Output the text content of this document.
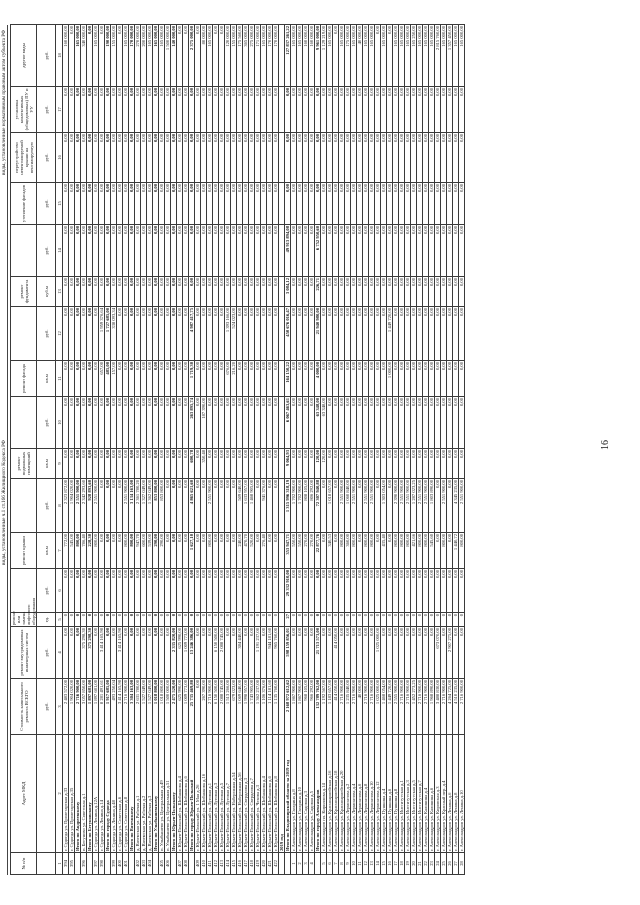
виды, установленные ч.1 ст.166 Жилищного Кодекса РФ
виды, установленные нормативным правовым актом субъекта РФ
№ п/п	Адрес МКД	Стоимость капитального ремонта ВСЕГО	ремонт внутридомовых инженерных систем	ремонт или замена лифтового оборудования		ремонт крыши		ремонт подвальных помещений		ремонт фасада		ремонт фундамента		утепление фасадов	переустройство невентилируемой крыши на вентилируемую	установка коллективных (общедомовых) ПУ и УУ	другие виды
		руб.	руб.	ед.	руб.	кв.м	руб.	кв.м	руб.	кв.м	руб.	куб.м	руб.	руб.	руб.	руб.	руб.
1	2	3	4	5	6	7	8	9	10	11	12	13	14	15	16	17	18
394	г. Судогда ул. Пролетарская д.33	2 483 572,00	0,00	0	0,00	772,00	2 323 872,00	0,00	0,00	0,00	0,00	0,00	0,00	0,00	0,00	0,00	160 000,00
395	г. Судогда ул. Пролетарская д.35	1 904 020,00	0,00	0	0,00	545,00	1 904 020,00	0,00	0,00	0,00	0,00	0,00	0,00	0,00	0,00	0,00	0,00
	Итого по Андреевскому	2 716 900,00	0,00	0	0,00	800,00	2 551 900,00	0,00	0,00	0,00	0,00	0,00	0,00	0,00	0,00	0,00	165 000,00
396	п. Бегуново ул. Советская д.1	3 057 850,00	375 298,30	0	0,00	786,40	2 342 293,60	0,00	0,00	0,00	0,00	0,00	0,00	0,00	0,00	0,00	340 000,00
	Итого по Бегуновскому	1 897 681,00	375 298,30	0	0,00	228,30	928 893,60	0,00	0,00	0,00	0,00	0,00	0,00	0,00	0,00	0,00	0,00
397	г. Судогда ул. Ленина д.12А	1 897 681,00	0,00	0	0,00	800,00	2 551 900,00	0,00	0,00	0,00	0,00	0,00	0,00	0,00	0,00	0,00	165 000,00
398	г. Судогда ул. Ленина д.14	8 281 491,61	3 414 165,98	0	0,00	0,00	0,00	0,00	0,00	657,00	1 959 376,64	0,00	0,00	0,00	0,00	0,00	0,00
	Итого по городу Судогда	1 917 685,00	0,00	0	0,00	0,00	0,00	0,00	0,00	485,00	1 727 685,00	0,00	0,00	0,00	0,00	0,00	190 000,00
399	г. Судогда ул. Ленина д.48	493 250,04	0,00	0	0,00	0,00	0,00	0,00	0,00	157,00	338 093,34	0,00	0,00	0,00	0,00	0,00	155 000,00
400	г. Судогда ул. Советская д.6	3 414 165,98	3 414 165,98	0	0,00	0,00	0,00	0,00	0,00	0,00	0,00	0,00	0,00	0,00	0,00	0,00	0,00
401	г. Судогда ул. Советская д.8	2 716 900,00	0,00	0	0,00	800,00	2 551 900,00	0,00	0,00	0,00	0,00	0,00	0,00	0,00	0,00	0,00	165 000,00
	Итого по Вяземскому	3 304 163,00	0,00	0	0,00	800,00	3 134 163,00	0,00	0,00	0,00	0,00	0,00	0,00	0,00	0,00	0,00	170 000,00
402	д. Вяземская ул. Рабочая д.1	2 631 780,00	0,00	0	0,00	947,70	2 361 780,20	0,00	0,00	0,00	0,00	0,00	0,00	0,00	0,00	0,00	270 000,00
403	д. Вяземская ул. Рабочая д.2	1 527 049,00	0,00	0	0,00	600,00	1 327 049,00	0,00	0,00	0,00	0,00	0,00	0,00	0,00	0,00	0,00	200 000,00
404	д. Вяземская ул. Рабочая д.3	1 527 049,00	0,00	0	0,00	539,00	1 362 049,00	0,00	0,00	0,00	0,00	0,00	0,00	0,00	0,00	0,00	165 000,00
	Итого по Улыбышевскому	1 018 800,00	0,00	0	0,00	290,00	853 800,00	0,00	0,00	0,00	0,00	0,00	0,00	0,00	0,00	0,00	165 000,00
405	п. Улыбышево ул. Центральная д.49	1 018 800,00	0,00	0	0,00	290,00	853 800,00	0,00	0,00	0,00	0,00	0,00	0,00	0,00	0,00	0,00	165 000,00
406	п. Улыбышево ул. Центральная д.51	1 500 000,00	0,00	0	0,00	0,00	0,00	0,00	0,00	0,00	0,00	0,00	0,00	0,00	0,00	0,00	1 500 000,00
	Итого по Юрьев-Польскому	2 475 520,00	2 335 820,00	0	0,00	0,00	0,00	0,00	0,00	0,00	0,00	0,00	0,00	0,00	0,00	0,00	140 000,00
407	г. Юрьев-Польский ул. Шибанкова д.4	625 990,00	625 990,00	0	0,00	0,00	0,00	0,00	0,00	0,00	0,00	0,00	0,00	0,00	0,00	0,00	0,00
408	г. Юрьев-Польский ул. Шибанкова д.6	1 009 773,00	1 009 773,00	0	0,00	0,00	0,00	0,00	0,00	0,00	0,00	0,00	0,00	0,00	0,00	0,00	0,00
	Итого по городу Юрьев-Польский	25 735 469,80	13 246 386,00	0	0,00	1 627,10	4 865 621,60	600,78	263 895,74	1 719,30	4 987 417,75	0,00	0,00	0,00	0,00	0,00	2 375 000,00
409	г. Юрьев-Польский ул. 1 Мая д.26	0,00	0,00	0	0,00	0,00	0,00	0,00	0,00	0,00	0,00	0,00	0,00	0,00	0,00	0,00	0,00
410	г. Юрьев-Польский ул. Шибанкова д.16	267 390,00	0,00	0	0,00	0,00	0,00	350,48	187 390,00	0,00	0,00	0,00	0,00	0,00	0,00	0,00	80 000,00
411	г. Юрьев-Польский ул. Луговая д.1	2 716 900,00	0,00	0	0,00	800,00	2 551 900,00	0,00	0,00	0,00	0,00	0,00	0,00	0,00	0,00	0,00	165 000,00
412	г. Юрьев-Польский ул. Луговая д.3	6 150 500,00	6 150 500,00	0	0,00	0,00	0,00	0,00	0,00	0,00	0,00	0,00	0,00	0,00	0,00	0,00	0,00
413	г. Юрьев-Польский ул. Луговая д.5	2 088 745,00	2 088 745,00	0	0,00	0,00	0,00	0,00	0,00	0,00	0,00	0,00	0,00	0,00	0,00	0,00	0,00
414	г. Юрьев-Польский ул. Луговая д.7	1 513 266,00	0,00	0	0,00	0,00	0,00	0,00	0,00	676,00	1 393 166,00	0,00	0,00	0,00	0,00	0,00	120 000,00
415	г. Юрьев-Польский ул. Набережная д.54	679 023,00	0,00	0	0,00	0,00	0,00	0,00	0,00	216,20	524 023,00	0,00	0,00	0,00	0,00	0,00	155 000,00
416	г. Юрьев-Польский ул. Набережная д.56	1 069 640,00	384 440,00	0	0,00	240,00	509 640,00	0,00	0,00	0,00	0,00	0,00	0,00	0,00	0,00	0,00	175 560,00
417	г. Юрьев-Польский ул. Свердлова д.3	1 998 957,00	0,00	0	0,00	470,70	1 633 957,00	0,00	0,00	0,00	0,00	0,00	0,00	0,00	0,00	0,00	365 000,00
418	г. Юрьев-Польский ул. Свердлова д.7	1 743 905,00	0,00	0	0,00	520,00	1 468 905,00	0,00	0,00	0,00	0,00	0,00	0,00	0,00	0,00	0,00	275 000,00
419	г. Юрьев-Польский ул. Чехова д.3	1 362 237,00	1 191 237,00	0	0,00	0,00	0,00	0,00	0,00	0,00	0,00	0,00	0,00	0,00	0,00	0,00	171 000,00
420	г. Юрьев-Польский ул. Шибанкова д.4	1 106 376,00	0,00	0	0,00	276,40	941 376,00	0,00	0,00	0,00	0,00	0,00	0,00	0,00	0,00	0,00	165 000,00
421	г. Юрьев-Польский ул. Шибанкова д.6	1 114 181,60	944 181,60	0	0,00	0,00	0,00	0,00	0,00	0,00	0,00	0,00	0,00	0,00	0,00	0,00	170 000,00
422	г. Юрьев-Польский ул. Шибанкова д.8	1 135 760,00	965 760,00	0	0,00	0,00	0,00	0,00	0,00	0,00	0,00	0,00	0,00	0,00	0,00	0,00	170 000,00
	2019 год																
	Итого по Владимирской области за 2019 год	2 168 972 612,62	598 159 856,01	27	29 332 910,00	353 947,71	1 315 996 318,19	9 064,93	6 067 463,61	164 150,22	450 676 016,47	3 084,12	49 913 894,08	0,00	0,00	0,00	127 837 261,22
1	г. Александров ул. Гагарина д.8	1 867 900,00	0,00	0	0,00	550,00	1 702 900,00	0,00	0,00	0,00	0,00	0,00	0,00	0,00	0,00	0,00	165 000,00
2	г. Александров ул. Гагарина д.10	1 867 900,00	0,00	0	0,00	550,00	1 702 900,00	0,00	0,00	0,00	0,00	0,00	0,00	0,00	0,00	0,00	165 000,00
3	г. Александров ул. Садовая д.3	968 105,00	0,00	0	0,00	270,00	808 105,00	0,00	0,00	0,00	0,00	0,00	0,00	0,00	0,00	0,00	160 000,00
4	г. Александров ул. Садовая д.5	966 292,00	0,00	0	0,00	270,00	806 292,00	0,00	0,00	0,00	0,00	0,00	0,00	0,00	0,00	0,00	160 000,00
	Итого по городу Александров	132 789 762,00	21 713 573,00	0	0,00	22 877,76	72 307 940,88	120,00	63 348,00	4 000,00	21 940 980,00	226,71	6 752 950,60	0,00	0,00	0,00	9 961 000,00
5	г. Александров пл. Кириллова д.14	1 192 567,00	0,00	0	0,00	0,00	0,00	120,00	63 348,00	0,00	0,00	0,00	0,00	0,00	0,00	0,00	1 129 219,00
6	г. Александров ул. Красноармейская д.16	1 183 657,00	0,00	0	0,00	340,53	1 018 657,00	0,00	0,00	0,00	0,00	0,00	0,00	0,00	0,00	0,00	165 000,00
7	г. Александров ул. Красноармейская д.18	414 050,00	414 050,00	0	0,00	0,00	0,00	0,00	0,00	0,00	0,00	0,00	0,00	0,00	0,00	0,00	0,00
8	г. Александров ул. Красноармейская д.20	2 716 900,00	0,00	0	0,00	800,00	2 551 900,00	0,00	0,00	0,00	0,00	0,00	0,00	0,00	0,00	0,00	165 000,00
9	г. Александров ул. Лермонтова д.2	1 235 840,00	0,00	0	0,00	360,00	1 060 840,00	0,00	0,00	0,00	0,00	0,00	0,00	0,00	0,00	0,00	175 000,00
10	г. Александров ул. Лермонтова д.4	2 716 900,00	0,00	0	0,00	800,00	2 551 900,00	0,00	0,00	0,00	0,00	0,00	0,00	0,00	0,00	0,00	165 000,00
11	г. Александров ул. Лермонтова д.6	40 000,00	0,00	0	0,00	0,00	0,00	0,00	0,00	0,00	0,00	0,00	0,00	0,00	0,00	0,00	40 000,00
12	г. Александров ул. Лермонтова д.8	2 716 900,00	0,00	0	0,00	800,00	2 551 900,00	0,00	0,00	0,00	0,00	0,00	0,00	0,00	0,00	0,00	165 000,00
13	г. Александров ул. Лермонтова д.10	2 716 900,00	0,00	0	0,00	800,00	2 551 900,00	0,00	0,00	0,00	0,00	0,00	0,00	0,00	0,00	0,00	165 000,00
14	г. Александров ул. Лермонтова д.12	1 025 000,00	1 025 000,00	0	0,00	0,00	0,00	0,00	0,00	0,00	0,00	0,00	0,00	0,00	0,00	0,00	0,00
15	г. Александров ул. Пушкина д.4	1 468 054,00	0,00	0	0,00	435,40	1 303 054,00	0,00	0,00	0,00	0,00	0,00	0,00	0,00	0,00	0,00	165 000,00
16	г. Александров ул. Пушкина д.6	1 449 720,00	0,00	0	0,00	0,00	0,00	0,00	0,00	1 000,00	1 449 720,00	0,00	0,00	0,00	0,00	0,00	0,00
17	г. Александров ул. Пушкина д.8	2 555 900,00	0,00	0	0,00	800,00	2 390 900,00	0,00	0,00	0,00	0,00	0,00	0,00	0,00	0,00	0,00	165 000,00
18	г. Александров ул. Институтская д.1	2 716 900,00	0,00	0	0,00	800,00	2 551 900,00	0,00	0,00	0,00	0,00	0,00	0,00	0,00	0,00	0,00	165 000,00
19	г. Александров ул. Институтская д.3	2 716 900,00	0,00	0	0,00	800,00	2 551 900,00	0,00	0,00	0,00	0,00	0,00	0,00	0,00	0,00	0,00	165 000,00
20	г. Александров ул. Институтская д.5	1 452 273,25	0,00	0	0,00	421,66	1 287 023,25	0,00	0,00	0,00	0,00	0,00	0,00	0,00	0,00	0,00	165 250,00
21	г. Александров ул. Институтская д.7	2 716 900,00	0,00	0	0,00	800,00	2 551 900,00	0,00	0,00	0,00	0,00	0,00	0,00	0,00	0,00	0,00	165 000,00
22	г. Александров ул. Калинина д.4	2 716 900,00	0,00	0	0,00	800,00	2 551 900,00	0,00	0,00	0,00	0,00	0,00	0,00	0,00	0,00	0,00	165 000,00
23	г. Александров ул. Калинина д.6	1 968 890,00	0,00	0	0,00	545,60	1 803 890,00	0,00	0,00	0,00	0,00	0,00	0,00	0,00	0,00	0,00	165 000,00
24	г. Александров ул. Кировская д.3	3 488 830,00	673 070,00	0	0,00	0,00	0,00	0,00	0,00	0,00	0,00	0,00	0,00	0,00	0,00	0,00	2 815 760,00
25	г. Александров ул. Красный пер. д.4	2 716 900,00	0,00	0	0,00	800,00	2 551 900,00	0,00	0,00	0,00	0,00	0,00	0,00	0,00	0,00	0,00	165 000,00
26	г. Александров ул. Ленина д.6	4 264 725,00	2 907 275,00	0	0,00	0,00	0,00	0,00	0,00	0,00	0,00	0,00	0,00	0,00	0,00	0,00	1 357 450,00
27	г. Александров ул. Ленина д.8	4 510 235,00	0,00	0	0,00	1 440,72	4 345 235,00	0,00	0,00	0,00	0,00	0,00	0,00	0,00	0,00	0,00	165 000,00
28	г. Александров ул. Ленина д.10	2 716 900,00	0,00	0	0,00	800,00	2 551 900,00	0,00	0,00	0,00	0,00	0,00	0,00	0,00	0,00	0,00	165 000,00
16
